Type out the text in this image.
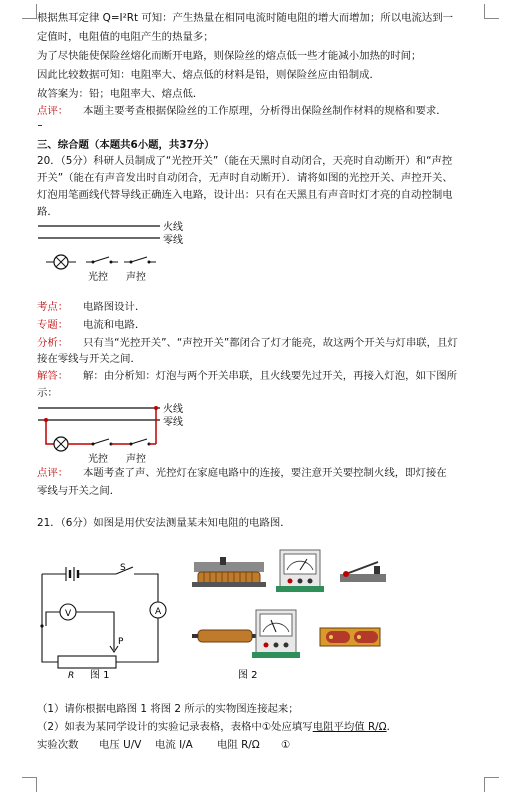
根据焦耳定律 Q=I²Rt 可知：产生热量在相同电流时随电阻的增大而增加；所以电流达到一
定值时，电阻值的电阻产生的热量多；
为了尽快能使保险丝熔化而断开电路，则保险丝的熔点低一些才能减小加热的时间；
因此比较数据可知：电阻率大、熔点低的材料是铅，则保险丝应由铅制成．
故答案为：铅；电阻率大、熔点低．
点评： 本题主要考查根据保险丝的工作原理，分析得出保险丝制作材料的规格和要求．
三、综合题（本题共6小题，共37分）
20．（5分）科研人员制成了“光控开关”（能在天黑时自动闭合，天亮时自动断开）和“声控
开关”（能在有声音发出时自动闭合，无声时自动断开）．请将如图的光控开关、声控开关、
灯泡用笔画线代替导线正确连入电路，设计出：只有在天黑且有声音时灯才亮的自动控制电
路．
火线
零线
光控 声控
考点： 电路图设计．
专题： 电流和电路．
分析： 只有当“光控开关”、“声控开关”都闭合了灯才能亮，故这两个开关与灯串联，且灯
接在零线与开关之间．
解答： 解：由分析知：灯泡与两个开关串联，且火线要先过开关，再接入灯泡，如下图所
示：
火线
零线
光控 声控
点评： 本题考查了声、光控灯在家庭电路中的连接，要注意开关要控制火线，即灯接在
零线与开关之间．
21．（6分）如图是用伏安法测量某未知电阻的电路图．
S
A
V
P
R 图 1	图 2
（1）请你根据电路图 1 将图 2 所示的实物图连接起来；
（2）如表为某同学设计的实验记录表格，表格中①处应填写电阻平均值 R/Ω．
实验次数 电压 U/V 电流 I/A 电阻 R/Ω ①
